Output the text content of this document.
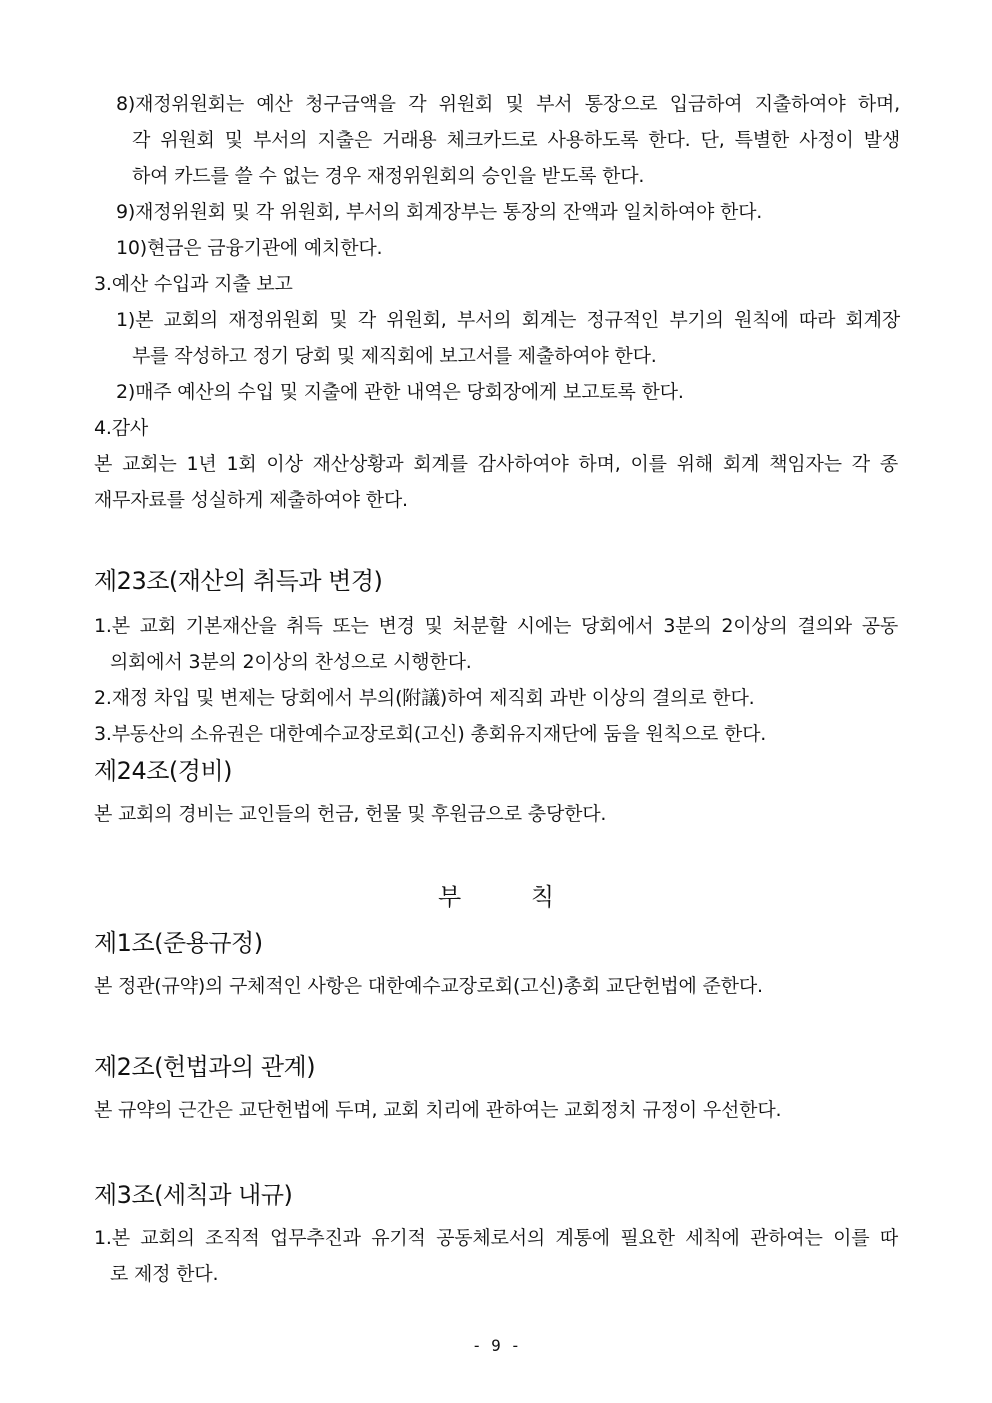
8)재정위원회는 예산 청구금액을 각 위원회 및 부서 통장으로 입금하여 지출하여야 하며,
각 위원회 및 부서의 지출은 거래용 체크카드로 사용하도록 한다. 단, 특별한 사정이 발생
하여 카드를 쓸 수 없는 경우 재정위원회의 승인을 받도록 한다.
9)재정위원회 및 각 위원회, 부서의 회계장부는 통장의 잔액과 일치하여야 한다.
10)현금은 금융기관에 예치한다.
3.예산 수입과 지출 보고
1)본 교회의 재정위원회 및 각 위원회, 부서의 회계는 정규적인 부기의 원칙에 따라 회계장
부를 작성하고 정기 당회 및 제직회에 보고서를 제출하여야 한다.
2)매주 예산의 수입 및 지출에 관한 내역은 당회장에게 보고토록 한다.
4.감사
본 교회는 1년 1회 이상 재산상황과 회계를 감사하여야 하며, 이를 위해 회계 책임자는 각 종
재무자료를 성실하게 제출하여야 한다.
제23조(재산의 취득과 변경)
1.본 교회 기본재산을 취득 또는 변경 및 처분할 시에는 당회에서 3분의 2이상의 결의와 공동
의회에서 3분의 2이상의 찬성으로 시행한다.
2.재정 차입 및 변제는 당회에서 부의(附議)하여 제직회 과반 이상의 결의로 한다.
3.부동산의 소유권은 대한예수교장로회(고신) 총회유지재단에 둠을 원칙으로 한다.
제24조(경비)
본 교회의 경비는 교인들의 헌금, 헌물 및 후원금으로 충당한다.
부 칙
제1조(준용규정)
본 정관(규약)의 구체적인 사항은 대한예수교장로회(고신)총회 교단헌법에 준한다.
제2조(헌법과의 관계)
본 규약의 근간은 교단헌법에 두며, 교회 치리에 관하여는 교회정치 규정이 우선한다.
제3조(세칙과 내규)
1.본 교회의 조직적 업무추진과 유기적 공동체로서의 계통에 필요한 세칙에 관하여는 이를 따
로 제정 한다.
- 9 -
